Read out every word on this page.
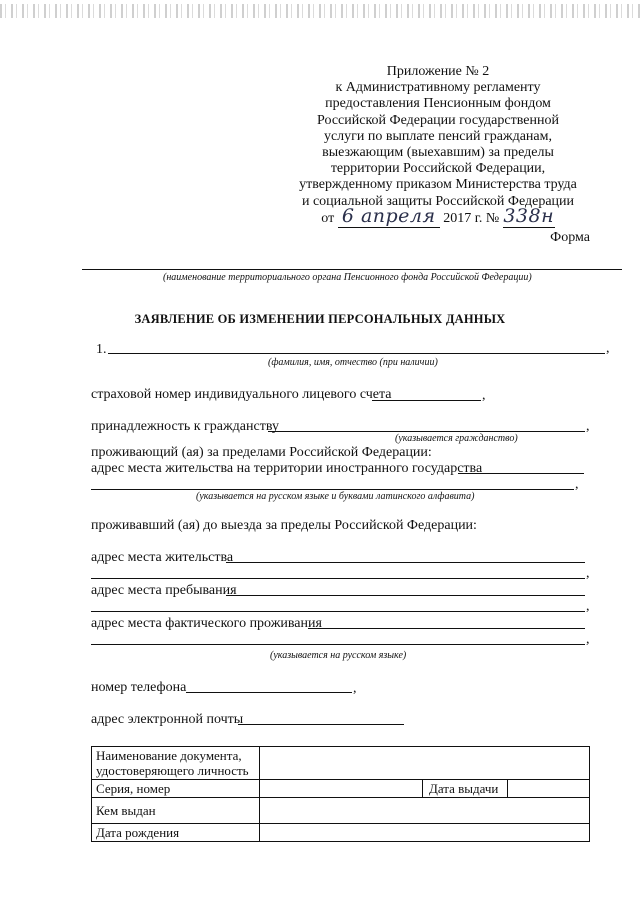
Приложение № 2
к Административному регламенту
предоставления Пенсионным фондом
Российской Федерации государственной
услуги по выплате пенсий гражданам,
выезжающим (выехавшим) за пределы
территории Российской Федерации,
утвержденному приказом Министерства труда
и социальной защиты Российской Федерации
от 6 апреля 2017 г. № 338н
Форма
(наименование территориального органа Пенсионного фонда Российской Федерации)
ЗАЯВЛЕНИЕ ОБ ИЗМЕНЕНИИ ПЕРСОНАЛЬНЫХ ДАННЫХ
1.	,
(фамилия, имя, отчество (при наличии)
страховой номер индивидуального лицевого счета	,
принадлежность к гражданству	,
(указывается гражданство)
проживающий (ая) за пределами Российской Федерации:
адрес места жительства на территории иностранного государства
,
(указывается на русском языке и буквами латинского алфавита)
проживавший (ая) до выезда за пределы Российской Федерации:
адрес места жительства
,
адрес места пребывания
,
адрес места фактического проживания
,
(указывается на русском языке)
номер телефона	,
адрес электронной почты
Наименование документа, удостоверяющего личность			
Серия, номер		Дата выдачи	
Кем выдан			
Дата рождения			
